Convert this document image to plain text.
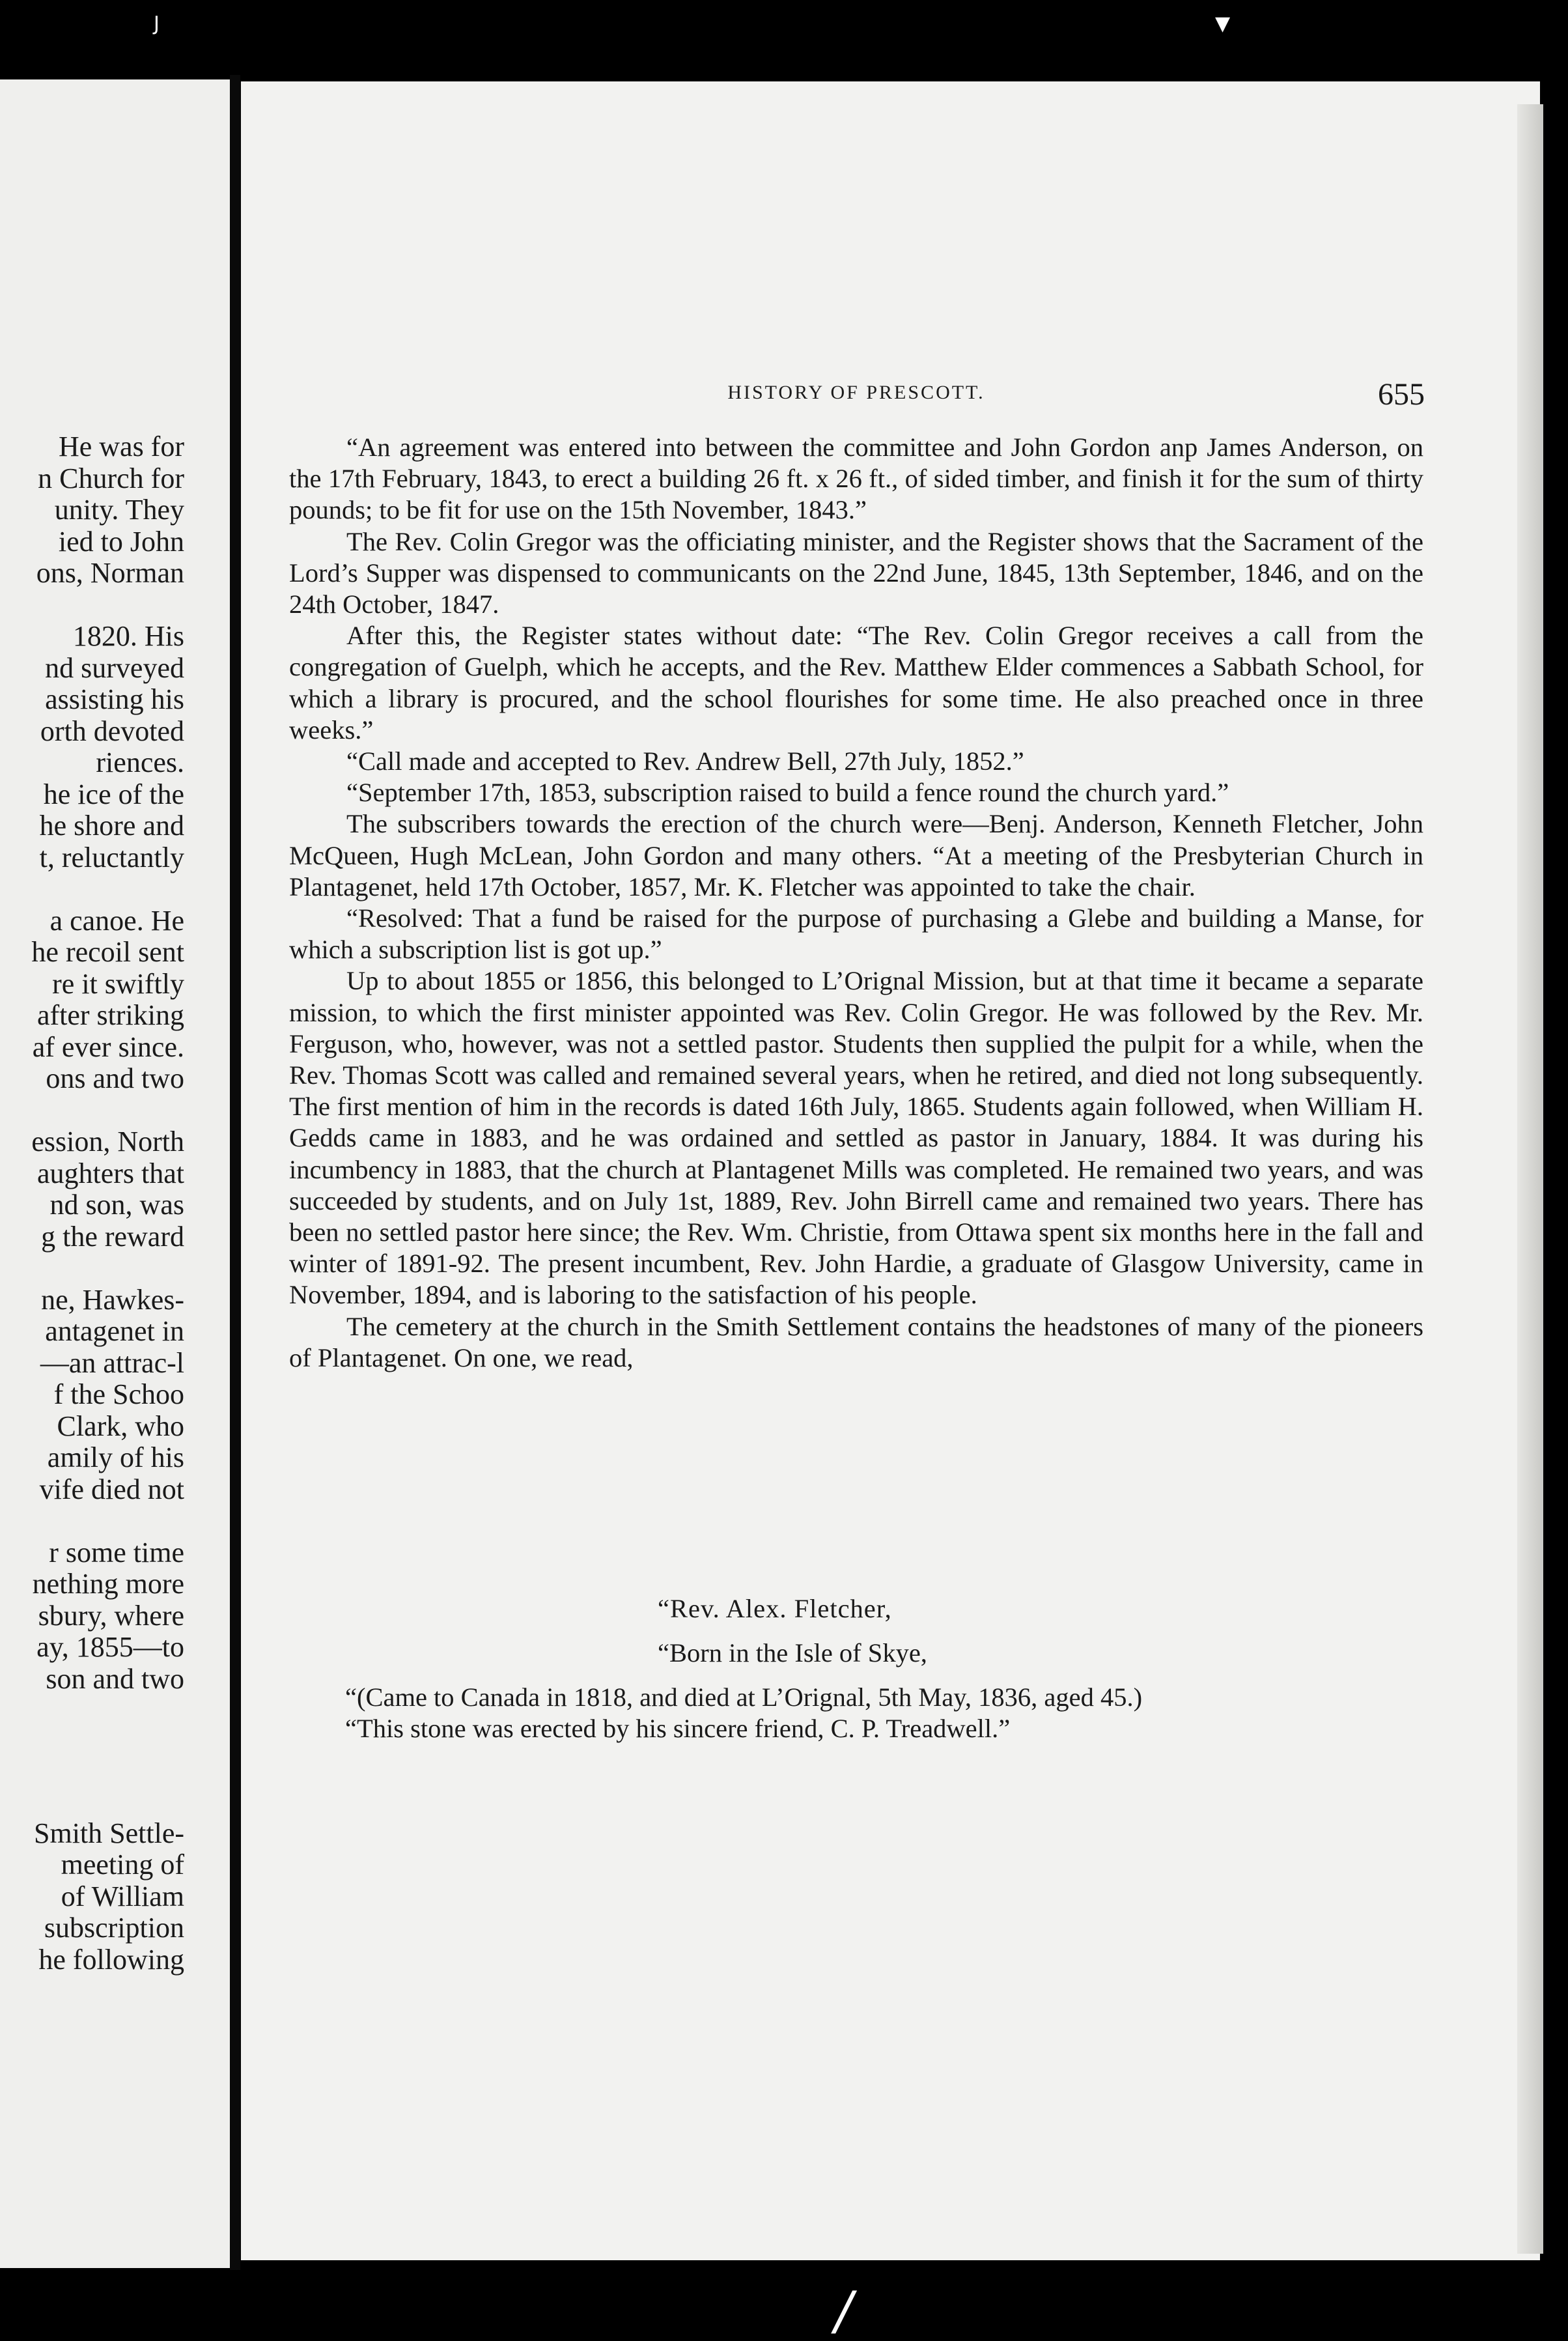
J	▼
He was for
n Church for
unity. They
ied to John
ons, Norman
1820. His
nd surveyed
assisting his
orth devoted
riences.
he ice of the
he shore and
t, reluctantly
a canoe. He
he recoil sent
re it swiftly
after striking
af ever since.
ons and two
ession, North
aughters that
nd son, was
g the reward
ne, Hawkes-
antagenet in
—an attrac-l
f the Schoo
Clark, who
amily of his
vife died not
r some time
nething more
sbury, where
ay, 1855—to
son and two
Smith Settle-
meeting of
of William
subscription
he following
HISTORY OF PRESCOTT.	655

“An agreement was entered into between the committee and John Gordon anp James Anderson, on the 17th February, 1843, to erect a building 26 ft. x 26 ft., of sided timber, and finish it for the sum of thirty pounds; to be fit for use on the 15th November, 1843.”

The Rev. Colin Gregor was the officiating minister, and the Register shows that the Sacrament of the Lord’s Supper was dispensed to communicants on the 22nd June, 1845, 13th September, 1846, and on the 24th October, 1847.

After this, the Register states without date: “The Rev. Colin Gregor receives a call from the congregation of Guelph, which he accepts, and the Rev. Matthew Elder commences a Sabbath School, for which a library is procured, and the school flourishes for some time. He also preached once in three weeks.”

“Call made and accepted to Rev. Andrew Bell, 27th July, 1852.”

“September 17th, 1853, subscription raised to build a fence round the church yard.”

The subscribers towards the erection of the church were—Benj. Anderson, Kenneth Fletcher, John McQueen, Hugh McLean, John Gordon and many others. “At a meeting of the Presbyterian Church in Plantagenet, held 17th October, 1857, Mr. K. Fletcher was appointed to take the chair.

“Resolved: That a fund be raised for the purpose of purchasing a Glebe and building a Manse, for which a subscription list is got up.”

Up to about 1855 or 1856, this belonged to L’Orignal Mission, but at that time it became a separate mission, to which the first minister appointed was Rev. Colin Gregor. He was followed by the Rev. Mr. Ferguson, who, however, was not a settled pastor. Students then supplied the pulpit for a while, when the Rev. Thomas Scott was called and remained several years, when he retired, and died not long subsequently. The first mention of him in the records is dated 16th July, 1865. Students again followed, when William H. Gedds came in 1883, and he was ordained and settled as pastor in January, 1884. It was during his incumbency in 1883, that the church at Plantagenet Mills was completed. He remained two years, and was succeeded by students, and on July 1st, 1889, Rev. John Birrell came and remained two years. There has been no settled pastor here since; the Rev. Wm. Christie, from Ottawa spent six months here in the fall and winter of 1891-92. The present incumbent, Rev. John Hardie, a graduate of Glasgow University, came in November, 1894, and is laboring to the satisfaction of his people.

The cemetery at the church in the Smith Settlement contains the headstones of many of the pioneers of Plantagenet. On one, we read,

“Rev. Alex. Fletcher,
“Born in the Isle of Skye,
“(Came to Canada in 1818, and died at L’Orignal, 5th May, 1836, aged 45.)
“This stone was erected by his sincere friend, C. P. Treadwell.”
/
